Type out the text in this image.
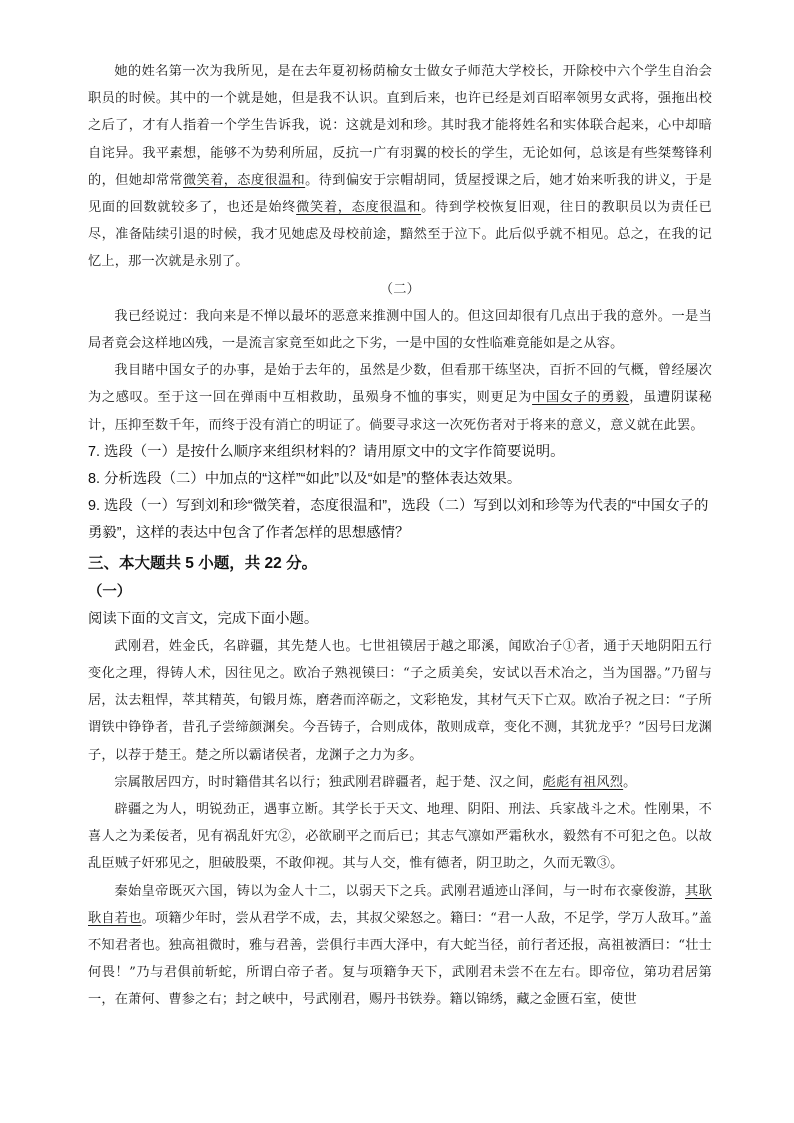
她的姓名第一次为我所见，是在去年夏初杨荫榆女士做女子师范大学校长，开除校中六个学生自治会职员的时候。其中的一个就是她，但是我不认识。直到后来，也许已经是刘百昭率领男女武将，强拖出校之后了，才有人指着一个学生告诉我，说：这就是刘和珍。其时我才能将姓名和实体联合起来，心中却暗自诧异。我平素想，能够不为势利所屈，反抗一广有羽翼的校长的学生，无论如何，总该是有些桀骜锋利的，但她却常常微笑着，态度很温和。待到偏安于宗帽胡同，赁屋授课之后，她才始来听我的讲义，于是见面的回数就较多了，也还是始终微笑着，态度很温和。待到学校恢复旧观，往日的教职员以为责任已尽，准备陆续引退的时候，我才见她虑及母校前途，黯然至于泣下。此后似乎就不相见。总之，在我的记忆上，那一次就是永别了。

（二）

我已经说过：我向来是不惮以最坏的恶意来推测中国人的。但这回却很有几点出于我的意外。一是当局者竟会这样地凶残，一是流言家竟至如此之下劣，一是中国的女性临难竟能如是之从容。

我目睹中国女子的办事，是始于去年的，虽然是少数，但看那干练坚决，百折不回的气概，曾经屡次为之感叹。至于这一回在弹雨中互相救助，虽殒身不恤的事实，则更足为中国女子的勇毅，虽遭阴谋秘计，压抑至数千年，而终于没有消亡的明证了。倘要寻求这一次死伤者对于将来的意义，意义就在此罢。

7. 选段（一）是按什么顺序来组织材料的？请用原文中的文字作简要说明。

8. 分析选段（二）中加点的“这样”“如此”以及“如是”的整体表达效果。

9. 选段（一）写到刘和珍“微笑着，态度很温和”，选段（二）写到以刘和珍等为代表的“中国女子的勇毅”，这样的表达中包含了作者怎样的思想感情？

三、本大题共 5 小题，共 22 分。

（一）

阅读下面的文言文，完成下面小题。

武刚君，姓金氏，名辟疆，其先楚人也。七世祖镆居于越之耶溪，闻欧冶子①者，通于天地阴阳五行变化之理，得铸人术，因往见之。欧冶子熟视镆曰：“子之质美矣，安试以吾术冶之，当为国器。”乃留与居，汰去粗悍，萃其精英，旬锻月炼，磨砻而淬砺之，文彩艳发，其材气天下亡双。欧冶子祝之曰：“子所谓铁中铮铮者，昔孔子尝缔颜渊矣。今吾铸子，合则成体，散则成章，变化不测，其犹龙乎？”因号曰龙渊子，以荐于楚王。楚之所以霸诸侯者，龙渊子之力为多。

宗属散居四方，时时籍借其名以行；独武刚君辟疆者，起于楚、汉之间，彪彪有祖风烈。

辟疆之为人，明锐劲正，遇事立断。其学长于天文、地理、阴阳、刑法、兵家战斗之术。性刚果，不喜人之为柔佞者，见有祸乱奸宄②，必欲刷平之而后已；其志气凛如严霜秋水，毅然有不可犯之色。以故乱臣贼子奸邪见之，胆破股栗，不敢仰视。其与人交，惟有德者，阴卫助之，久而无斁③。

秦始皇帝既灭六国，铸以为金人十二，以弱天下之兵。武刚君遁迹山泽间，与一时布衣豪俊游，其耿耿自若也。项籍少年时，尝从君学不成，去，其叔父梁怒之。籍曰：“君一人敌，不足学，学万人敌耳。”盖不知君者也。独高祖微时，雅与君善，尝俱行丰西大泽中，有大蛇当径，前行者还报，高祖被酒曰：“壮士何畏！”乃与君俱前斩蛇，所谓白帝子者。复与项籍争天下，武刚君未尝不在左右。即帝位，第功君居第一，在萧何、曹参之右；封之峡中，号武刚君，赐丹书铁券。籍以锦绣，藏之金匮石室，使世
